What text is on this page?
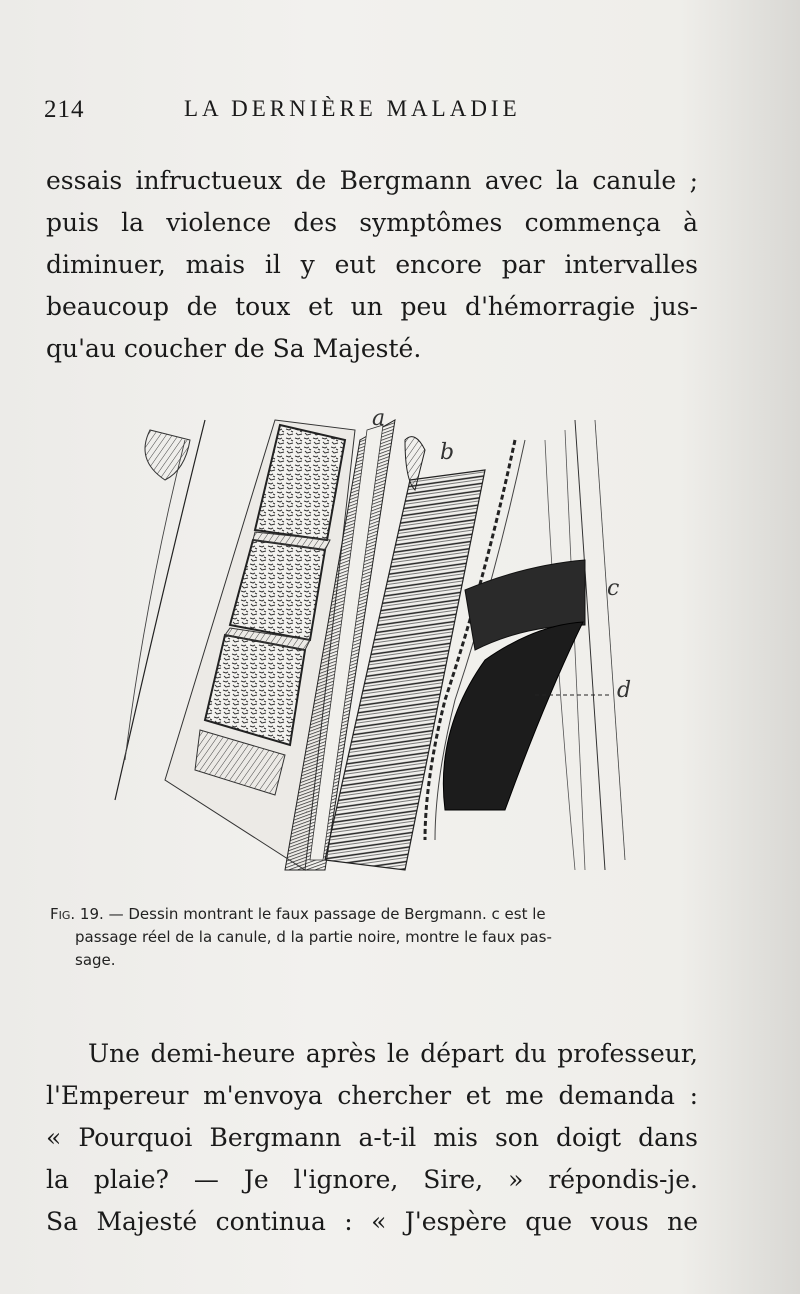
214	LA DERNIÈRE MALADIE
essais infructueux de Bergmann avec la canule ;
puis la violence des symptômes commença à
diminuer, mais il y eut encore par intervalles
beaucoup de toux et un peu d'hémorragie jus-
qu'au coucher de Sa Majesté.
a
b
c
d
Fig. 19. — Dessin montrant le faux passage de Bergmann. c est le
passage réel de la canule, d la partie noire, montre le faux pas-
sage.
Une demi-heure après le départ du professeur,
l'Empereur m'envoya chercher et me demanda :
« Pourquoi Bergmann a-t-il mis son doigt dans
la plaie? — Je l'ignore, Sire, » répondis-je.
Sa Majesté continua : « J'espère que vous ne
